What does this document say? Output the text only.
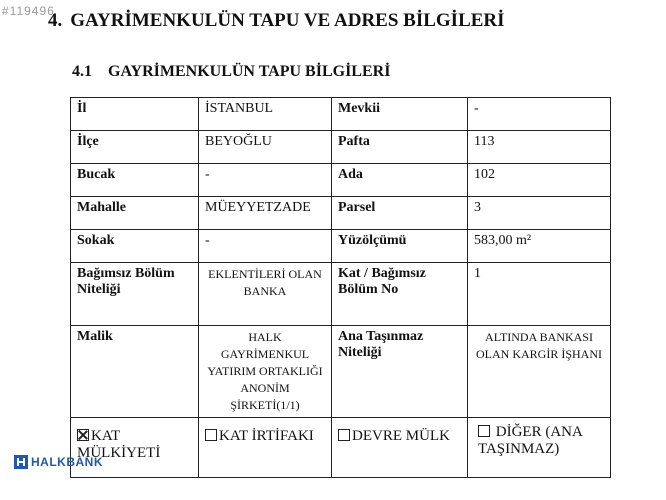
#119496
4. GAYRİMENKULÜN TAPU VE ADRES BİLGİLERİ
4.1 GAYRİMENKULÜN TAPU BİLGİLERİ
İl	İSTANBUL	Mevkii	-
İlçe	BEYOĞLU	Pafta	113
Bucak	-	Ada	102
Mahalle	MÜEYYETZADE	Parsel	3
Sokak	-	Yüzölçümü	583,00 m²
Bağımsız Bölüm Niteliği	EKLENTİLERİ OLAN BANKA	Kat / Bağımsız Bölüm No	1
Malik	HALK GAYRİMENKUL YATIRIM ORTAKLIĞI ANONİM ŞİRKETİ(1/1)	Ana Taşınmaz Niteliği	ALTINDA BANKASI OLAN KARGİR İŞHANI
KAT MÜLKİYETİ	KAT İRTİFAKI	DEVRE MÜLK	DİĞER (ANA TAŞINMAZ)
HALKBANK
